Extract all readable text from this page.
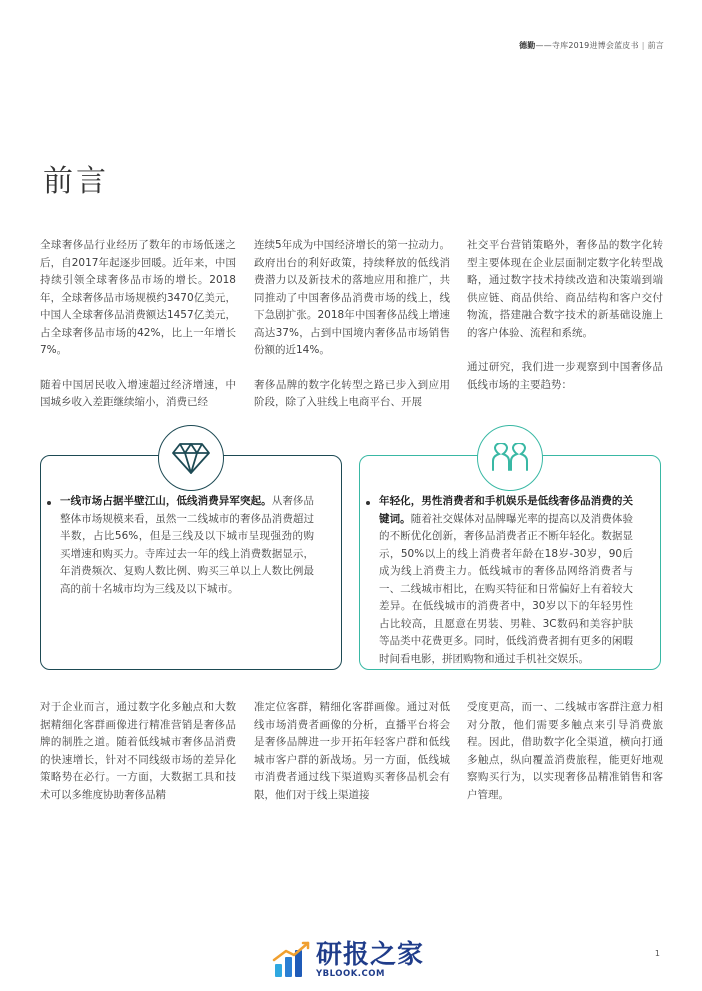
德勤——寺库2019进博会蓝皮书 | 前言
前言

全球奢侈品行业经历了数年的市场低迷之后，自2017年起逐步回暖。近年来，中国持续引领全球奢侈品市场的增长。2018年，全球奢侈品市场规模约3470亿美元，中国人全球奢侈品消费额达1457亿美元，占全球奢侈品市场的42%，比上一年增长7%。

随着中国居民收入增速超过经济增速，中国城乡收入差距继续缩小，消费已经

连续5年成为中国经济增长的第一拉动力。政府出台的利好政策，持续释放的低线消费潜力以及新技术的落地应用和推广，共同推动了中国奢侈品消费市场的线上，线下急剧扩张。2018年中国奢侈品线上增速高达37%，占到中国境内奢侈品市场销售份额的近14%。

奢侈品牌的数字化转型之路已步入到应用阶段，除了入驻线上电商平台、开展

社交平台营销策略外，奢侈品的数字化转型主要体现在企业层面制定数字化转型战略，通过数字技术持续改造和决策端到端供应链、商品供给、商品结构和客户交付物流，搭建融合数字技术的新基础设施上的客户体验、流程和系统。

通过研究，我们进一步观察到中国奢侈品低线市场的主要趋势：

一线市场占据半壁江山，低线消费异军突起。从奢侈品整体市场规模来看，虽然一二线城市的奢侈品消费超过半数，占比56%，但是三线及以下城市呈现强劲的购买增速和购买力。寺库过去一年的线上消费数据显示，年消费频次、复购人数比例、购买三单以上人数比例最高的前十名城市均为三线及以下城市。
年轻化，男性消费者和手机娱乐是低线奢侈品消费的关键词。随着社交媒体对品牌曝光率的提高以及消费体验的不断优化创新，奢侈品消费者正不断年轻化。数据显示，50%以上的线上消费者年龄在18岁-30岁，90后成为线上消费主力。低线城市的奢侈品网络消费者与一、二线城市相比，在购买特征和日常偏好上有着较大差异。在低线城市的消费者中，30岁以下的年轻男性占比较高，且愿意在男装、男鞋、3C数码和美容护肤等品类中花费更多。同时，低线消费者拥有更多的闲暇时间看电影，拼团购物和通过手机社交娱乐。

对于企业而言，通过数字化多触点和大数据精细化客群画像进行精准营销是奢侈品牌的制胜之道。随着低线城市奢侈品消费的快速增长，针对不同线级市场的差异化策略势在必行。一方面，大数据工具和技术可以多维度协助奢侈品精

准定位客群，精细化客群画像。通过对低线市场消费者画像的分析，直播平台将会是奢侈品牌进一步开拓年轻客户群和低线城市客户群的新战场。另一方面，低线城市消费者通过线下渠道购买奢侈品机会有限，他们对于线上渠道接

受度更高，而一、二线城市客群注意力相对分散，他们需要多触点来引导消费旅程。因此，借助数字化全渠道，横向打通多触点，纵向覆盖消费旅程，能更好地观察购买行为，以实现奢侈品精准销售和客户管理。

研报之家
YBLOOK.COM
1
